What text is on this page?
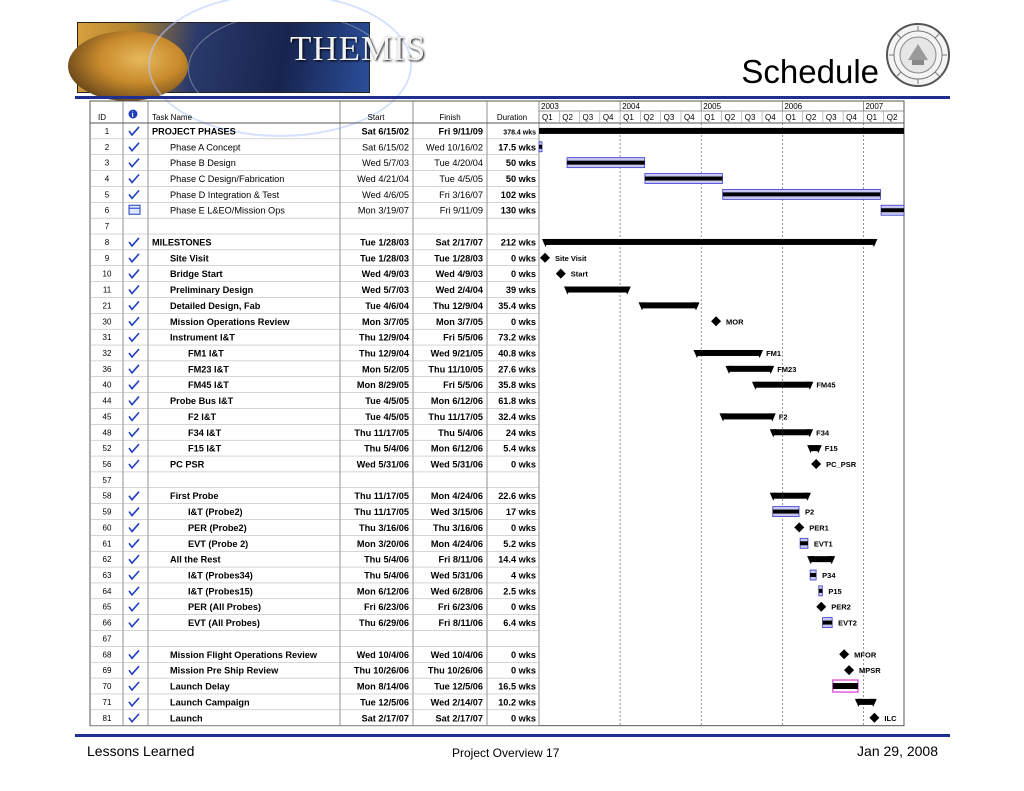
THEMIS
Schedule
ID	i Task Name	Start	Finish	Duration
2003	2004	2005	2006	2007
Q1 Q2 Q3 Q4 Q1 Q2 Q3 Q4 Q1 Q2 Q3 Q4 Q1 Q2 Q3 Q4 Q1 Q2
1	PROJECT PHASES	Sat 6/15/02	Fri 9/11/09	378.4 wks
2	Phase A Concept	Sat 6/15/02 Wed 10/16/02 17.5 wks
3	Phase B Design	Wed 5/7/03	Tue 4/20/04 50 wks
4	Phase C Design/Fabrication	Wed 4/21/04	Tue 4/5/05 50 wks
5	Phase D Integration & Test	Wed 4/6/05	Fri 3/16/07 102 wks
6	Phase E L&EO/Mission Ops	Mon 3/19/07	Fri 9/11/09 130 wks
7
8	MILESTONES	Tue 1/28/03	Sat 2/17/07 212 wks
9	Site Visit	Tue 1/28/03	Tue 1/28/03	0 wks
10	Bridge Start	Wed 4/9/03	Wed 4/9/03	0 wks
11	Preliminary Design	Wed 5/7/03	Wed 2/4/04 39 wks
21	Detailed Design, Fab	Tue 4/6/04	Thu 12/9/04 35.4 wks
30	Mission Operations Review	Mon 3/7/05	Mon 3/7/05	0 wks
31	Instrument I&T	Thu 12/9/04	Fri 5/5/06 73.2 wks
32	FM1 I&T	Thu 12/9/04 Wed 9/21/05 40.8 wks
36	FM23 I&T	Mon 5/2/05 Thu 11/10/05 27.6 wks
40	FM45 I&T	Mon 8/29/05	Fri 5/5/06 35.8 wks
44	Probe Bus I&T	Tue 4/5/05 Mon 6/12/06 61.8 wks
45	F2 I&T	Tue 4/5/05 Thu 11/17/05 32.4 wks
48	F34 I&T	Thu 11/17/05	Thu 5/4/06 24 wks
52	F15 I&T	Thu 5/4/06 Mon 6/12/06 5.4 wks
56	PC PSR	Wed 5/31/06 Wed 5/31/06	0 wks
57
58	First Probe	Thu 11/17/05 Mon 4/24/06 22.6 wks
59	I&T (Probe2)	Thu 11/17/05 Wed 3/15/06 17 wks
60	PER (Probe2)	Thu 3/16/06	Thu 3/16/06	0 wks
61	EVT (Probe 2)	Mon 3/20/06 Mon 4/24/06 5.2 wks
62	All the Rest	Thu 5/4/06	Fri 8/11/06 14.4 wks
63	I&T (Probes34)	Thu 5/4/06 Wed 5/31/06	4 wks
64	I&T (Probes15)	Mon 6/12/06 Wed 6/28/06 2.5 wks
65	PER (All Probes)	Fri 6/23/06	Fri 6/23/06	0 wks
66	EVT (All Probes)	Thu 6/29/06	Fri 8/11/06 6.4 wks
67
68	Mission Flight Operations Review	Wed 10/4/06 Wed 10/4/06	0 wks
69	Mission Pre Ship Review	Thu 10/26/06 Thu 10/26/06	0 wks
70	Launch Delay	Mon 8/14/06	Tue 12/5/06 16.5 wks
71	Launch Campaign	Tue 12/5/06 Wed 2/14/07 10.2 wks
81	Launch	Sat 2/17/07	Sat 2/17/07	0 wks
Site Visit
Start
MOR
FM1
FM23
FM45
F2
F34
F15
PC_PSR
P2
PER1
EVT1
P34
P15
PER2
EVT2
MFOR
MPSR
ILC
Lessons Learned	Project Overview 17	Jan 29, 2008
